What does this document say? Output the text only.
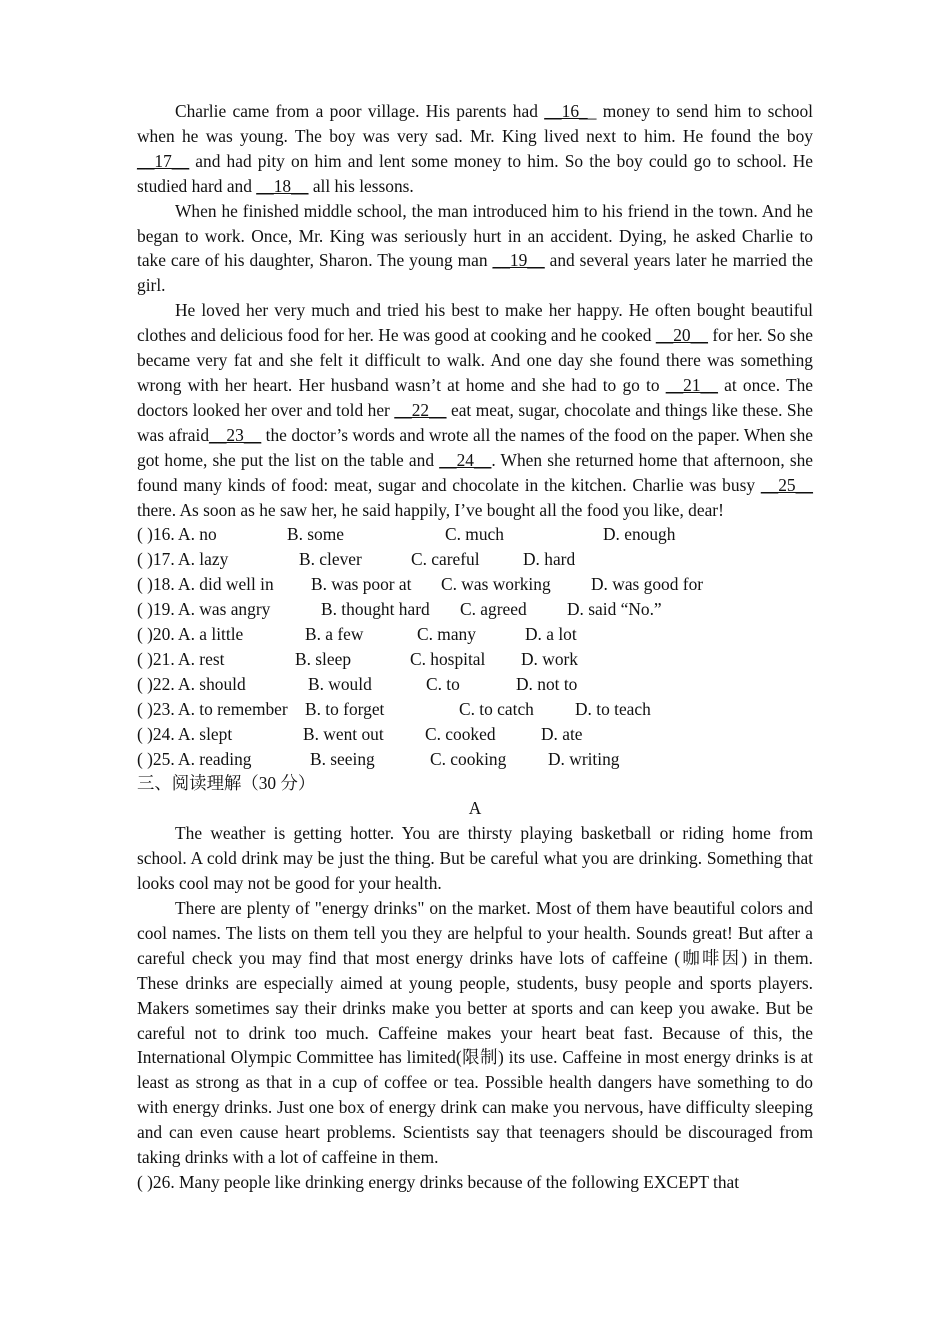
Charlie came from a poor village. His parents had __16__ money to send him to school when he was young. The boy was very sad. Mr. King lived next to him. He found the boy __17__ and had pity on him and lent some money to him. So the boy could go to school. He studied hard and __18__ all his lessons.

When he finished middle school, the man introduced him to his friend in the town. And he began to work. Once, Mr. King was seriously hurt in an accident. Dying, he asked Charlie to take care of his daughter, Sharon. The young man __19__ and several years later he married the girl.

He loved her very much and tried his best to make her happy. He often bought beautiful clothes and delicious food for her. He was good at cooking and he cooked __20__ for her. So she became very fat and she felt it difficult to walk. And one day she found there was something wrong with her heart. Her husband wasn’t at home and she had to go to __21__ at once. The doctors looked her over and told her __22__ eat meat, sugar, chocolate and things like these. She was afraid__23__ the doctor’s words and wrote all the names of the food on the paper. When she got home, she put the list on the table and __24__. When she returned home that afternoon, she found many kinds of food: meat, sugar and chocolate in the kitchen. Charlie was busy __25__ there. As soon as he saw her, he said happily, I’ve bought all the food you like, dear!

( )16. A. no	B. some	C. much	D. enough
( )17. A. lazy	B. clever	C. careful	D. hard
( )18. A. did well in	B. was poor at	C. was working	D. was good for
( )19. A. was angry	B. thought hard	C. agreed	D. said “No.”
( )20. A. a little	B. a few	C. many	D. a lot
( )21. A. rest	B. sleep	C. hospital	D. work
( )22. A. should	B. would	C. to	D. not to
( )23. A. to remember B. to forget	C. to catch	D. to teach
( )24. A. slept	B. went out	C. cooked	D. ate
( )25. A. reading	B. seeing	C. cooking	D. writing

三、阅读理解（30 分）

A

The weather is getting hotter. You are thirsty playing basketball or riding home from school. A cold drink may be just the thing. But be careful what you are drinking. Something that looks cool may not be good for your health.

There are plenty of "energy drinks" on the market. Most of them have beautiful colors and cool names. The lists on them tell you they are helpful to your health. Sounds great! But after a careful check you may find that most energy drinks have lots of caffeine (咖啡因) in them. These drinks are especially aimed at young people, students, busy people and sports players. Makers sometimes say their drinks make you better at sports and can keep you awake. But be careful not to drink too much. Caffeine makes your heart beat fast. Because of this, the International Olympic Committee has limited(限制) its use. Caffeine in most energy drinks is at least as strong as that in a cup of coffee or tea. Possible health dangers have something to do with energy drinks. Just one box of energy drink can make you nervous, have difficulty sleeping and can even cause heart problems. Scientists say that teenagers should be discouraged from taking drinks with a lot of caffeine in them.

( )26. Many people like drinking energy drinks because of the following EXCEPT that
